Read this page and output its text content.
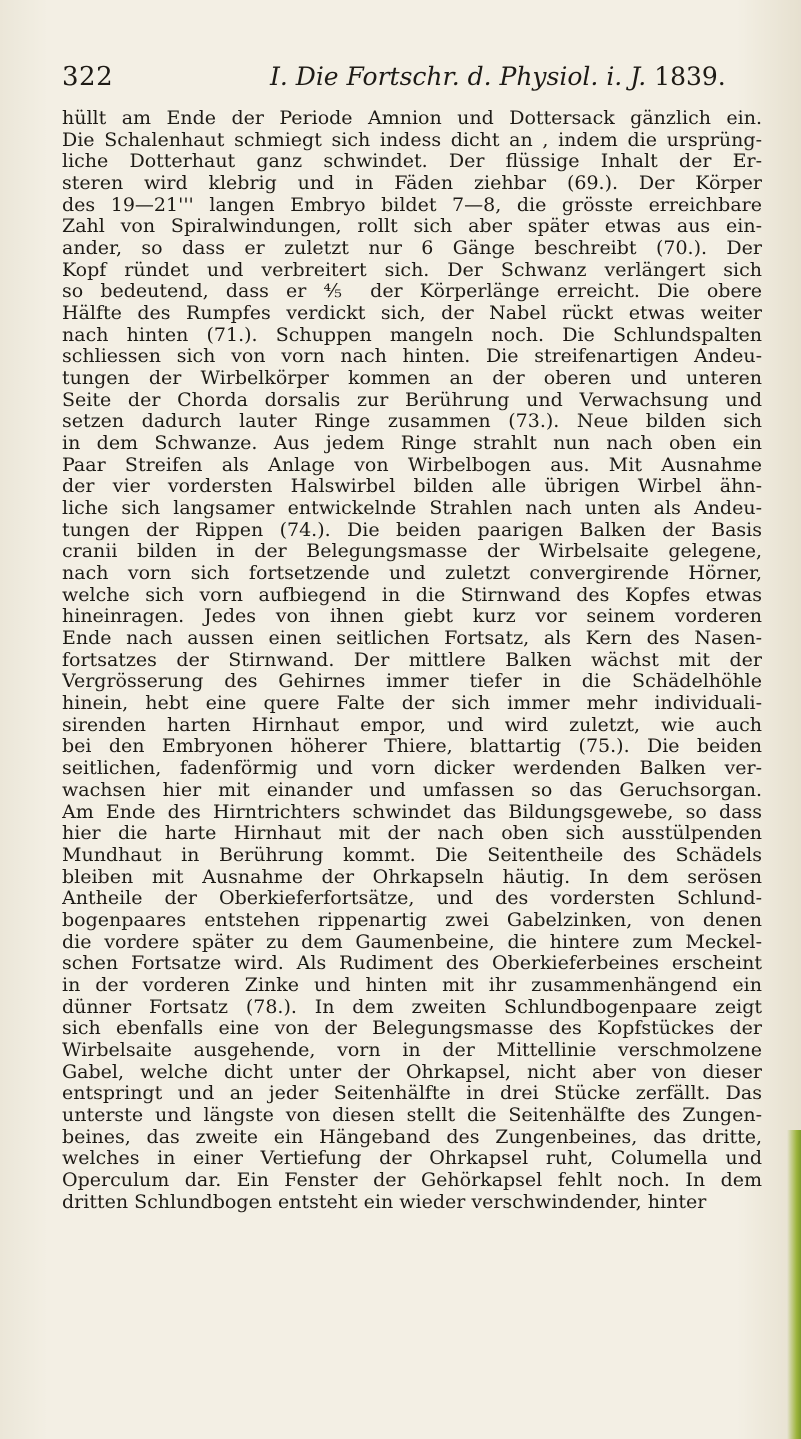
322	I. Die Fortschr. d. Physiol. i. J. 1839.
hüllt am Ende der Periode Amnion und Dottersack gänzlich ein.
Die Schalenhaut schmiegt sich indess dicht an , indem die ursprüng-
liche Dotterhaut ganz schwindet. Der flüssige Inhalt der Er-
steren wird klebrig und in Fäden ziehbar (69.). Der Körper
des 19—21''' langen Embryo bildet 7—8, die grösste erreichbare
Zahl von Spiralwindungen, rollt sich aber später etwas aus ein-
ander, so dass er zuletzt nur 6 Gänge beschreibt (70.). Der
Kopf ründet und verbreitert sich. Der Schwanz verlängert sich
so bedeutend, dass er ⅘ der Körperlänge erreicht. Die obere
Hälfte des Rumpfes verdickt sich, der Nabel rückt etwas weiter
nach hinten (71.). Schuppen mangeln noch. Die Schlundspalten
schliessen sich von vorn nach hinten. Die streifenartigen Andeu-
tungen der Wirbelkörper kommen an der oberen und unteren
Seite der Chorda dorsalis zur Berührung und Verwachsung und
setzen dadurch lauter Ringe zusammen (73.). Neue bilden sich
in dem Schwanze. Aus jedem Ringe strahlt nun nach oben ein
Paar Streifen als Anlage von Wirbelbogen aus. Mit Ausnahme
der vier vordersten Halswirbel bilden alle übrigen Wirbel ähn-
liche sich langsamer entwickelnde Strahlen nach unten als Andeu-
tungen der Rippen (74.). Die beiden paarigen Balken der Basis
cranii bilden in der Belegungsmasse der Wirbelsaite gelegene,
nach vorn sich fortsetzende und zuletzt convergirende Hörner,
welche sich vorn aufbiegend in die Stirnwand des Kopfes etwas
hineinragen. Jedes von ihnen giebt kurz vor seinem vorderen
Ende nach aussen einen seitlichen Fortsatz, als Kern des Nasen-
fortsatzes der Stirnwand. Der mittlere Balken wächst mit der
Vergrösserung des Gehirnes immer tiefer in die Schädelhöhle
hinein, hebt eine quere Falte der sich immer mehr individuali-
sirenden harten Hirnhaut empor, und wird zuletzt, wie auch
bei den Embryonen höherer Thiere, blattartig (75.). Die beiden
seitlichen, fadenförmig und vorn dicker werdenden Balken ver-
wachsen hier mit einander und umfassen so das Geruchsorgan.
Am Ende des Hirntrichters schwindet das Bildungsgewebe, so dass
hier die harte Hirnhaut mit der nach oben sich ausstülpenden
Mundhaut in Berührung kommt. Die Seitentheile des Schädels
bleiben mit Ausnahme der Ohrkapseln häutig. In dem serösen
Antheile der Oberkieferfortsätze, und des vordersten Schlund-
bogenpaares entstehen rippenartig zwei Gabelzinken, von denen
die vordere später zu dem Gaumenbeine, die hintere zum Meckel-
schen Fortsatze wird. Als Rudiment des Oberkieferbeines erscheint
in der vorderen Zinke und hinten mit ihr zusammenhängend ein
dünner Fortsatz (78.). In dem zweiten Schlundbogenpaare zeigt
sich ebenfalls eine von der Belegungsmasse des Kopfstückes der
Wirbelsaite ausgehende, vorn in der Mittellinie verschmolzene
Gabel, welche dicht unter der Ohrkapsel, nicht aber von dieser
entspringt und an jeder Seitenhälfte in drei Stücke zerfällt. Das
unterste und längste von diesen stellt die Seitenhälfte des Zungen-
beines, das zweite ein Hängeband des Zungenbeines, das dritte,
welches in einer Vertiefung der Ohrkapsel ruht, Columella und
Operculum dar. Ein Fenster der Gehörkapsel fehlt noch. In dem
dritten Schlundbogen entsteht ein wieder verschwindender, hinter
